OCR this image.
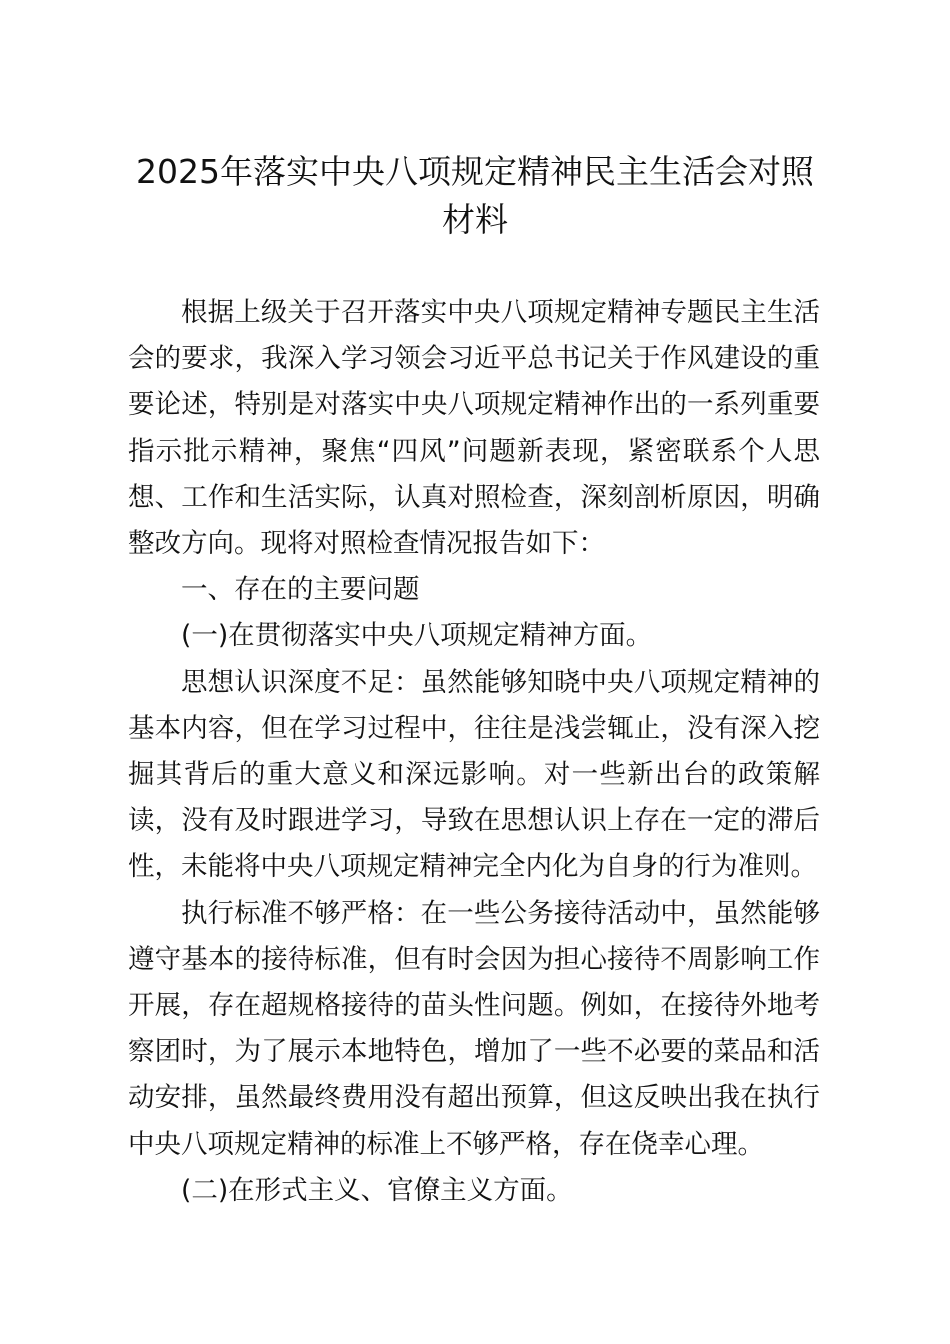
2025年落实中央八项规定精神民主生活会对照材料

根据上级关于召开落实中央八项规定精神专题民主生活会的要求，我深入学习领会习近平总书记关于作风建设的重要论述，特别是对落实中央八项规定精神作出的一系列重要指示批示精神，聚焦“四风”问题新表现，紧密联系个人思想、工作和生活实际，认真对照检查，深刻剖析原因，明确整改方向。现将对照检查情况报告如下：

一、存在的主要问题

(一)在贯彻落实中央八项规定精神方面。

思想认识深度不足：虽然能够知晓中央八项规定精神的基本内容，但在学习过程中，往往是浅尝辄止，没有深入挖掘其背后的重大意义和深远影响。对一些新出台的政策解读，没有及时跟进学习，导致在思想认识上存在一定的滞后性，未能将中央八项规定精神完全内化为自身的行为准则。

执行标准不够严格：在一些公务接待活动中，虽然能够遵守基本的接待标准，但有时会因为担心接待不周影响工作开展，存在超规格接待的苗头性问题。例如，在接待外地考察团时，为了展示本地特色，增加了一些不必要的菜品和活动安排，虽然最终费用没有超出预算，但这反映出我在执行中央八项规定精神的标准上不够严格，存在侥幸心理。

(二)在形式主义、官僚主义方面。
